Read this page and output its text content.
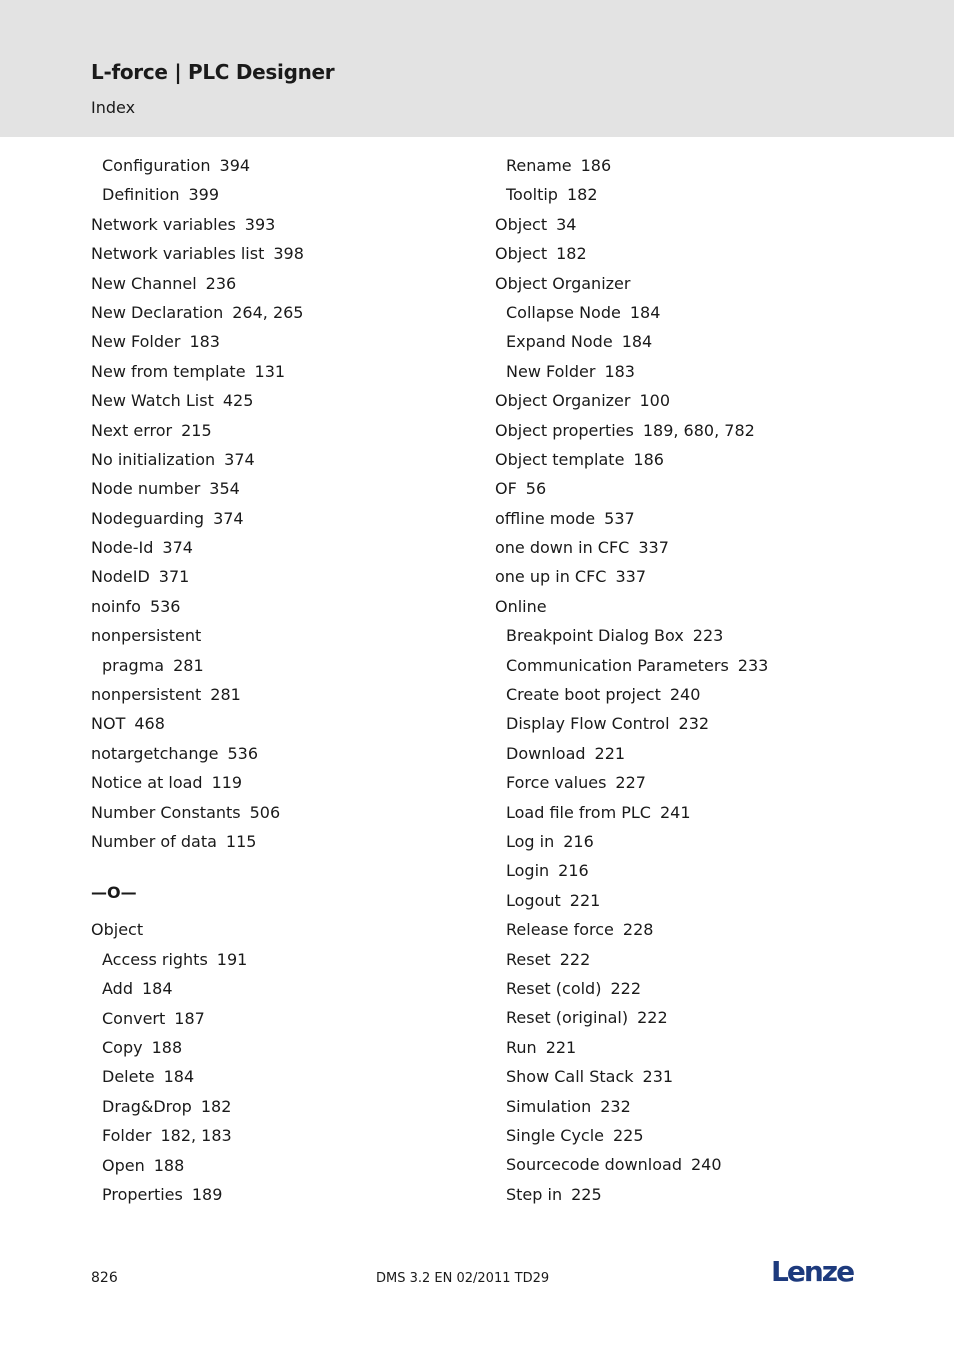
L-force | PLC Designer
Index
Configuration 394
Definition 399
Network variables 393
Network variables list 398
New Channel 236
New Declaration 264, 265
New Folder 183
New from template 131
New Watch List 425
Next error 215
No initialization 374
Node number 354
Nodeguarding 374
Node-Id 374
NodeID 371
noinfo 536
nonpersistent
pragma 281
nonpersistent 281
NOT 468
notargetchange 536
Notice at load 119
Number Constants 506
Number of data 115
—O—
Object
Access rights 191
Add 184
Convert 187
Copy 188
Delete 184
Drag&Drop 182
Folder 182, 183
Open 188
Properties 189
Rename 186
Tooltip 182
Object 34
Object 182
Object Organizer
Collapse Node 184
Expand Node 184
New Folder 183
Object Organizer 100
Object properties 189, 680, 782
Object template 186
OF 56
offline mode 537
one down in CFC 337
one up in CFC 337
Online
Breakpoint Dialog Box 223
Communication Parameters 233
Create boot project 240
Display Flow Control 232
Download 221
Force values 227
Load file from PLC 241
Log in 216
Login 216
Logout 221
Release force 228
Reset 222
Reset (cold) 222
Reset (original) 222
Run 221
Show Call Stack 231
Simulation 232
Single Cycle 225
Sourcecode download 240
Step in 225
826	DMS 3.2 EN 02/2011 TD29	Lenze
